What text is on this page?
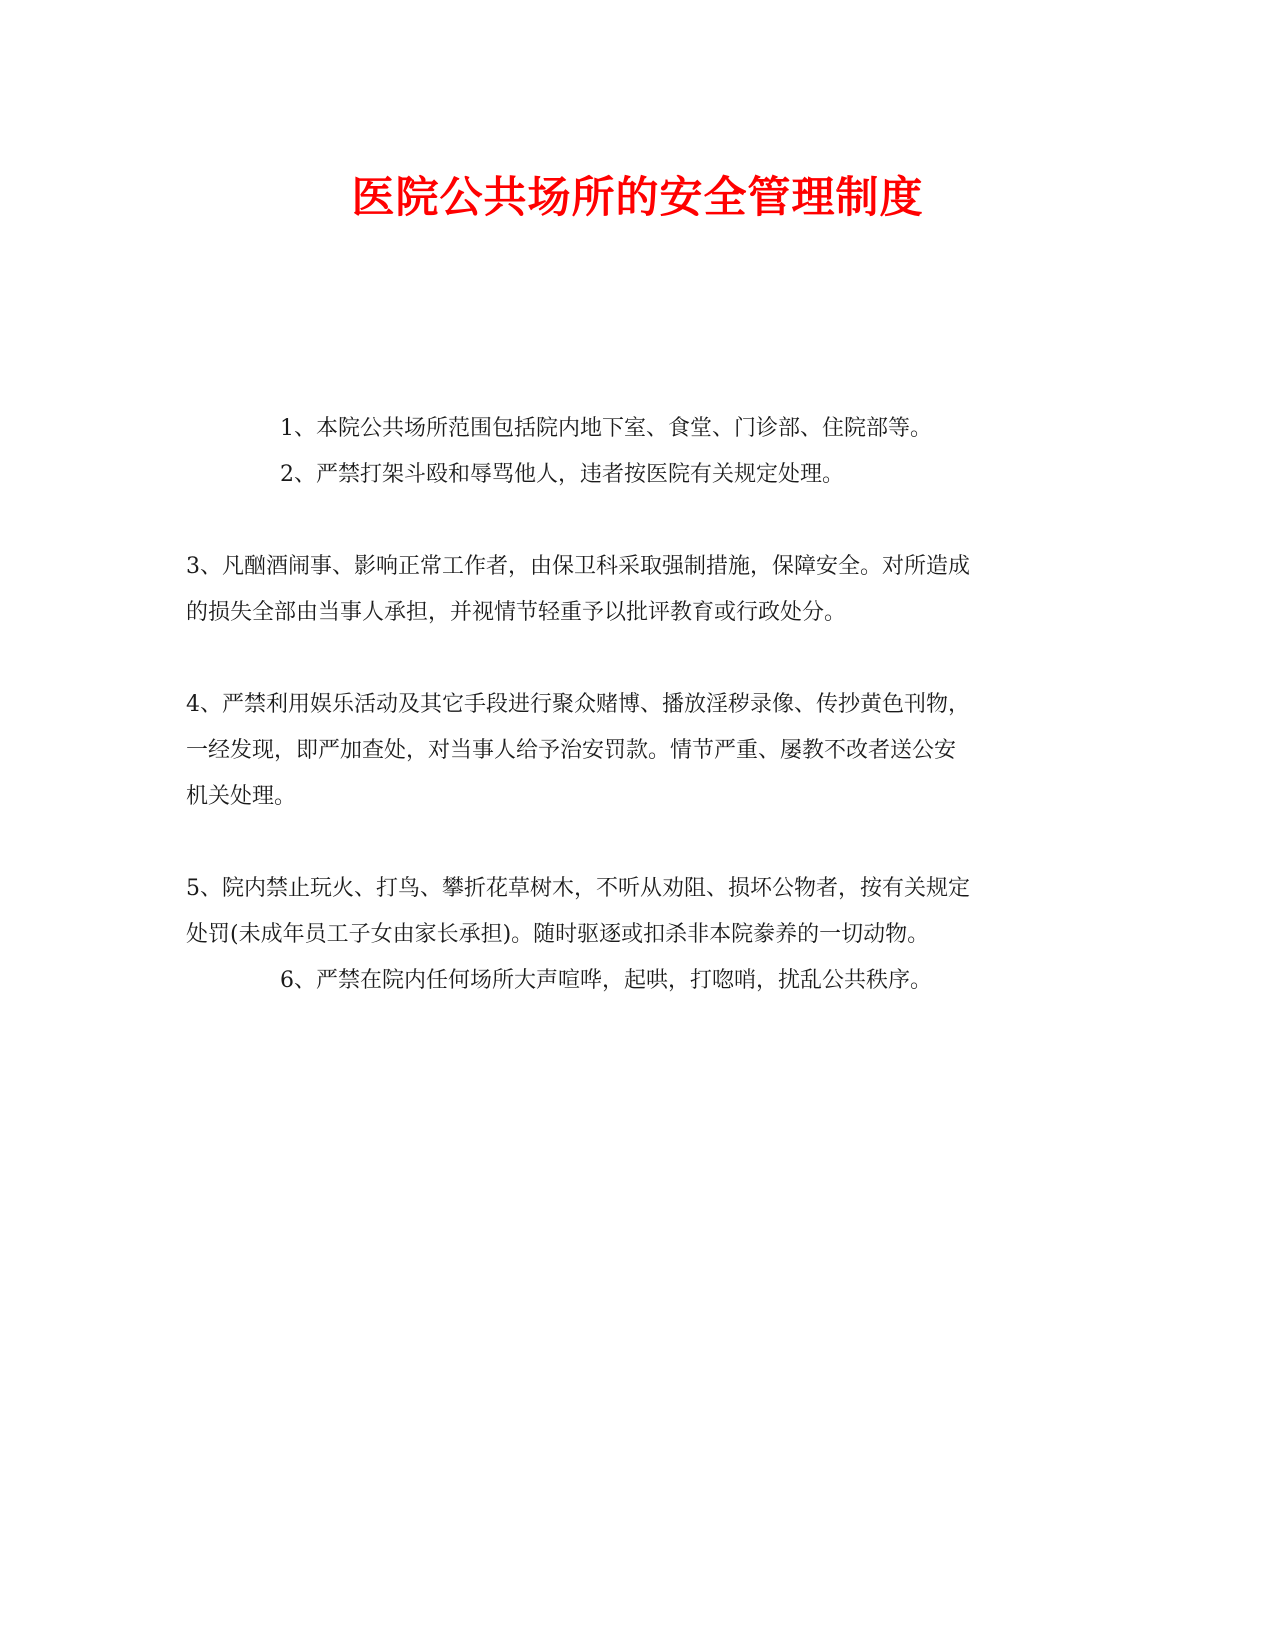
医院公共场所的安全管理制度

1、本院公共场所范围包括院内地下室、食堂、门诊部、住院部等。

2、严禁打架斗殴和辱骂他人，违者按医院有关规定处理。

3、凡酗酒闹事、影响正常工作者，由保卫科采取强制措施，保障安全。对所造成

的损失全部由当事人承担，并视情节轻重予以批评教育或行政处分。

4、严禁利用娱乐活动及其它手段进行聚众赌博、播放淫秽录像、传抄黄色刊物，

一经发现，即严加查处，对当事人给予治安罚款。情节严重、屡教不改者送公安

机关处理。

5、院内禁止玩火、打鸟、攀折花草树木，不听从劝阻、损坏公物者，按有关规定

处罚(未成年员工子女由家长承担)。随时驱逐或扣杀非本院豢养的一切动物。

6、严禁在院内任何场所大声喧哗，起哄，打唿哨，扰乱公共秩序。
